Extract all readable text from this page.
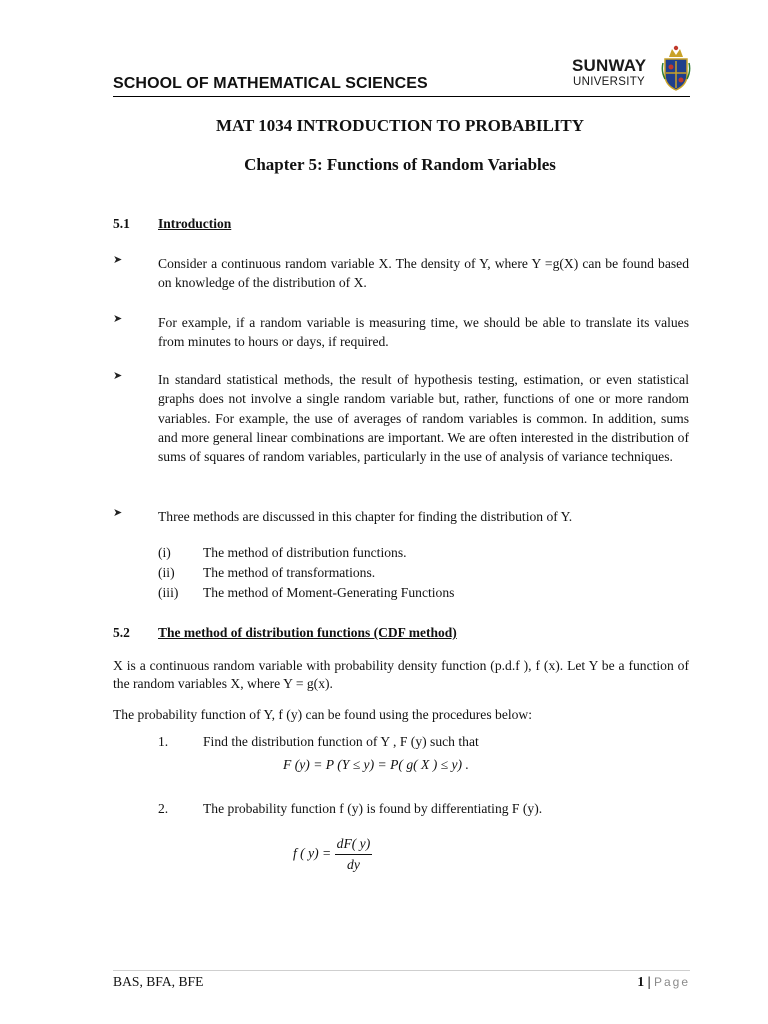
SCHOOL OF MATHEMATICAL SCIENCES
SUNWAY
UNIVERSITY
MAT 1034 INTRODUCTION TO PROBABILITY
Chapter 5: Functions of Random Variables
5.1 Introduction
➤	Consider a continuous random variable X. The density of Y, where Y =g(X) can be found based on knowledge of the distribution of X.
➤	For example, if a random variable is measuring time, we should be able to translate its values from minutes to hours or days, if required.
➤	In standard statistical methods, the result of hypothesis testing, estimation, or even statistical graphs does not involve a single random variable but, rather, functions of one or more random variables. For example, the use of averages of random variables is common. In addition, sums and more general linear combinations are important. We are often interested in the distribution of sums of squares of random variables, particularly in the use of analysis of variance techniques.
➤	Three methods are discussed in this chapter for finding the distribution of Y.
(i) The method of distribution functions.
(ii) The method of transformations.
(iii) The method of Moment-Generating Functions
5.2 The method of distribution functions (CDF method)
X is a continuous random variable with probability density function (p.d.f ), f (x). Let Y be a function of the random variables X, where Y = g(x).
The probability function of Y, f (y) can be found using the procedures below:
1.	Find the distribution function of Y , F (y) such that
F (y) = P (Y ≤ y) = P( g( X ) ≤ y) .
2.	The probability function f (y) is found by differentiating F (y).
f ( $y) = \frac{dF( y)}{dy}$
BAS, BFA, BFE	1 | Page
